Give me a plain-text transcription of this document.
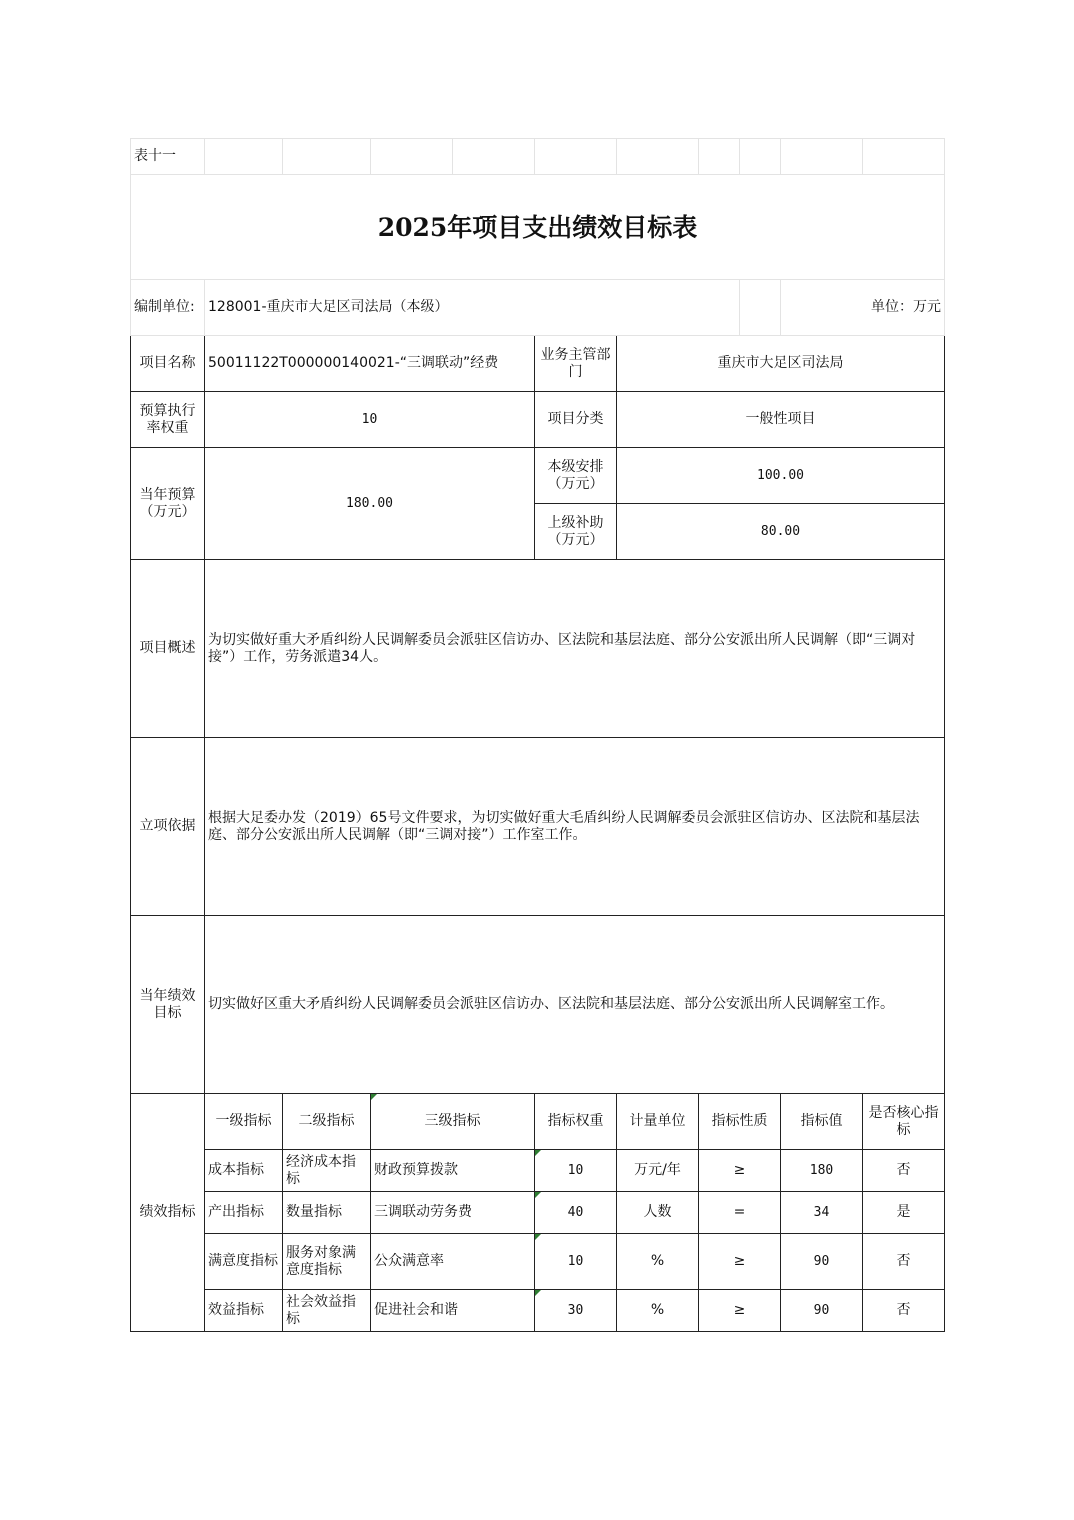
表十一										
2025年项目支出绩效目标表										
编制单位:	128001-重庆市大足区司法局（本级）								单位：万元	
项目名称	50011122T000000140021-“三调联动”经费				业务主管部门	重庆市大足区司法局				
预算执行率权重	10				项目分类	一般性项目				
当年预算（万元）	180.00				本级安排（万元）	100.00				
					上级补助（万元）	80.00				
项目概述	为切实做好重大矛盾纠纷人民调解委员会派驻区信访办、区法院和基层法庭、部分公安派出所人民调解（即“三调对接”）工作，劳务派遣34人。									
立项依据	根据大足委办发（2019）65号文件要求，为切实做好重大毛盾纠纷人民调解委员会派驻区信访办、区法院和基层法庭、部分公安派出所人民调解（即“三调对接”）工作室工作。									
当年绩效目标	切实做好区重大矛盾纠纷人民调解委员会派驻区信访办、区法院和基层法庭、部分公安派出所人民调解室工作。									
绩效指标	一级指标	二级指标	三级指标		指标权重	计量单位	指标性质		指标值	是否核心指标
	成本指标	经济成本指标	财政预算拨款		10	万元/年	≥		180	否
	产出指标	数量指标	三调联动劳务费		40	人数	=		34	是
	满意度指标	服务对象满意度指标	公众满意率		10	%	≥		90	否
	效益指标	社会效益指标	促进社会和谐		30	%	≥		90	否
